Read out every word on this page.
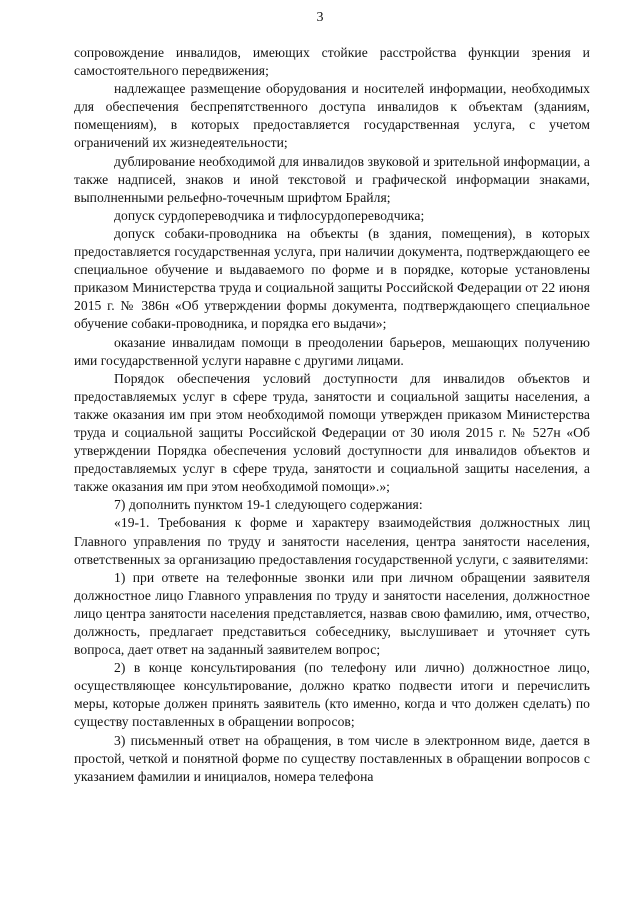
3

сопровождение инвалидов, имеющих стойкие расстройства функции зрения и самостоятельного передвижения;

надлежащее размещение оборудования и носителей информации, необходимых для обеспечения беспрепятственного доступа инвалидов к объектам (зданиям, помещениям), в которых предоставляется государственная услуга, с учетом ограничений их жизнедеятельности;

дублирование необходимой для инвалидов звуковой и зрительной информации, а также надписей, знаков и иной текстовой и графической информации знаками, выполненными рельефно-точечным шрифтом Брайля;

допуск сурдопереводчика и тифлосурдопереводчика;

допуск собаки-проводника на объекты (в здания, помещения), в которых предоставляется государственная услуга, при наличии документа, подтверждающего ее специальное обучение и выдаваемого по форме и в порядке, которые установлены приказом Министерства труда и социальной защиты Российской Федерации от 22 июня 2015 г. № 386н «Об утверждении формы документа, подтверждающего специальное обучение собаки-проводника, и порядка его выдачи»;

оказание инвалидам помощи в преодолении барьеров, мешающих получению ими государственной услуги наравне с другими лицами.

Порядок обеспечения условий доступности для инвалидов объектов и предоставляемых услуг в сфере труда, занятости и социальной защиты населения, а также оказания им при этом необходимой помощи утвержден приказом Министерства труда и социальной защиты Российской Федерации от 30 июля 2015 г. № 527н «Об утверждении Порядка обеспечения условий доступности для инвалидов объектов и предоставляемых услуг в сфере труда, занятости и социальной защиты населения, а также оказания им при этом необходимой помощи».»;

7) дополнить пунктом 19-1 следующего содержания:

«19-1. Требования к форме и характеру взаимодействия должностных лиц Главного управления по труду и занятости населения, центра занятости населения, ответственных за организацию предоставления государственной услуги, с заявителями:

1) при ответе на телефонные звонки или при личном обращении заявителя должностное лицо Главного управления по труду и занятости населения, должностное лицо центра занятости населения представляется, назвав свою фамилию, имя, отчество, должность, предлагает представиться собеседнику, выслушивает и уточняет суть вопроса, дает ответ на заданный заявителем вопрос;

2) в конце консультирования (по телефону или лично) должностное лицо, осуществляющее консультирование, должно кратко подвести итоги и перечислить меры, которые должен принять заявитель (кто именно, когда и что должен сделать) по существу поставленных в обращении вопросов;

3) письменный ответ на обращения, в том числе в электронном виде, дается в простой, четкой и понятной форме по существу поставленных в обращении вопросов с указанием фамилии и инициалов, номера телефона
